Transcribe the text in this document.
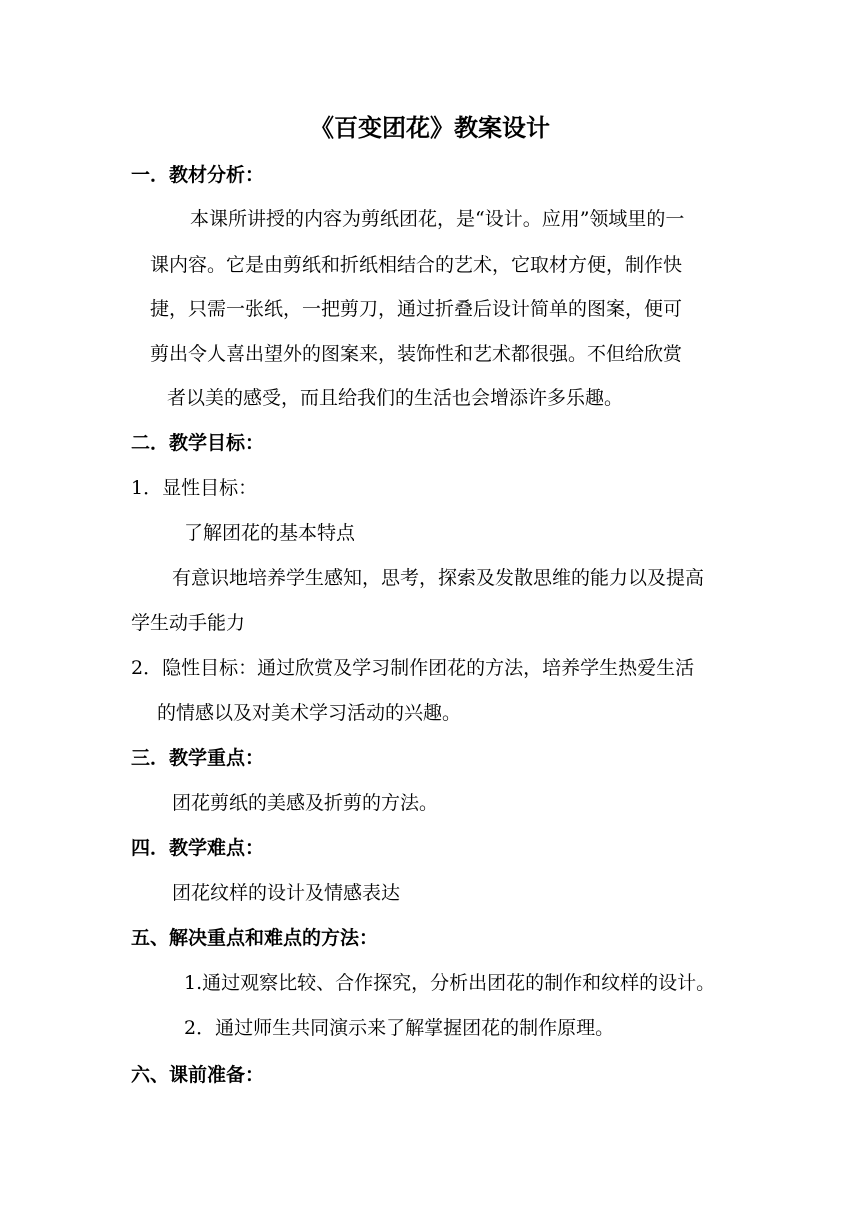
《百变团花》教案设计
一．教材分析：
本课所讲授的内容为剪纸团花，是“设计。应用”领域里的一
课内容。它是由剪纸和折纸相结合的艺术，它取材方便，制作快
捷，只需一张纸，一把剪刀，通过折叠后设计简单的图案，便可
剪出令人喜出望外的图案来，装饰性和艺术都很强。不但给欣赏
者以美的感受，而且给我们的生活也会增添许多乐趣。
二．教学目标：
1．显性目标：
了解团花的基本特点
有意识地培养学生感知，思考，探索及发散思维的能力以及提高
学生动手能力
2．隐性目标：通过欣赏及学习制作团花的方法，培养学生热爱生活
的情感以及对美术学习活动的兴趣。
三．教学重点：
团花剪纸的美感及折剪的方法。
四．教学难点：
团花纹样的设计及情感表达
五、解决重点和难点的方法：
1.通过观察比较、合作探究，分析出团花的制作和纹样的设计。
2．通过师生共同演示来了解掌握团花的制作原理。
六、课前准备：
